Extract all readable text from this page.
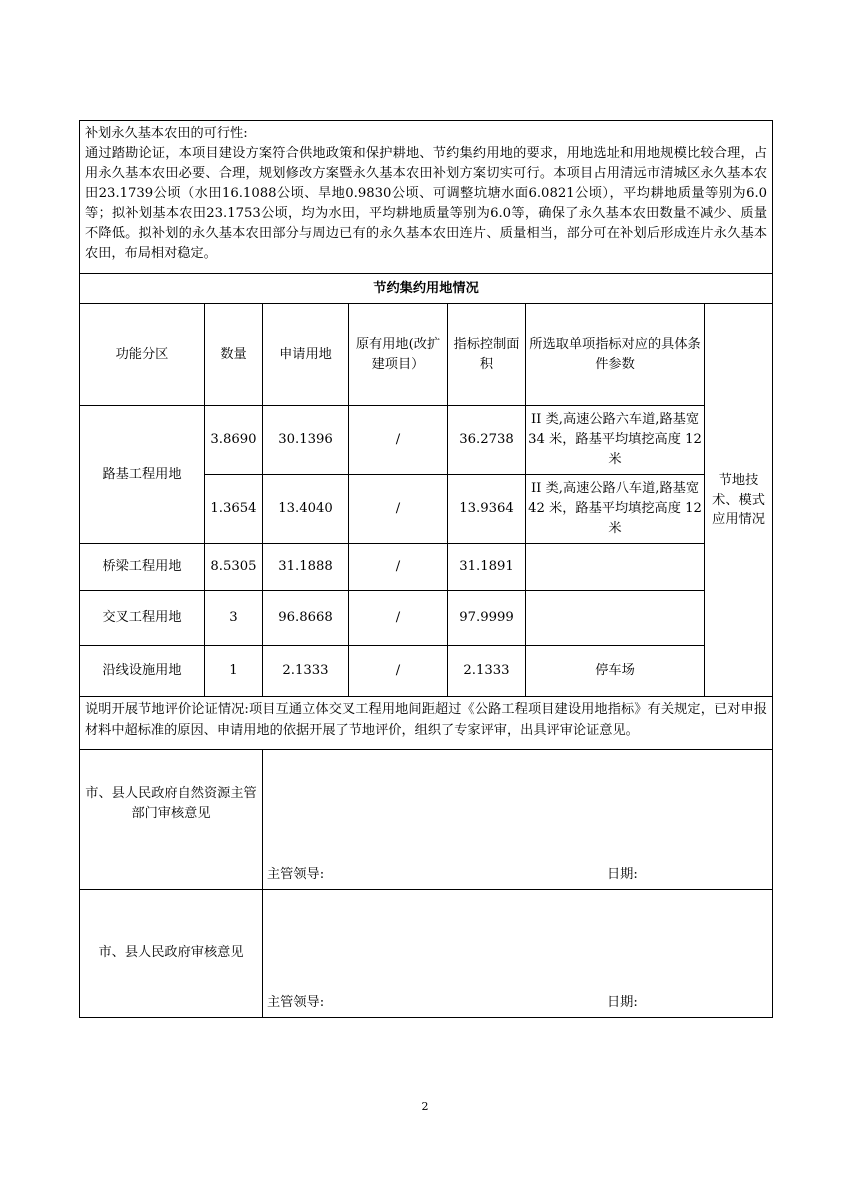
补划永久基本农田的可行性:
通过踏勘论证，本项目建设方案符合供地政策和保护耕地、节约集约用地的要求，用地选址和用地规模比较合理，占用永久基本农田必要、合理，规划修改方案暨永久基本农田补划方案切实可行。本项目占用清远市清城区永久基本农田23.1739公顷（水田16.1088公顷、旱地0.9830公顷、可调整坑塘水面6.0821公顷），平均耕地质量等别为6.0等；拟补划基本农田23.1753公顷，均为水田，平均耕地质量等别为6.0等，确保了永久基本农田数量不减少、质量不降低。拟补划的永久基本农田部分与周边已有的永久基本农田连片、质量相当，部分可在补划后形成连片永久基本农田，布局相对稳定。						

节约集约用地情况						
功能分区	数量	申请用地	原有用地(改扩建项目）	指标控制面积	所选取单项指标对应的具体条件参数	节地技术、模式应用情况
路基工程用地	3.8690	30.1396	/	36.2738	II 类,高速公路六车道,路基宽 34 米，路基平均填挖高度 12 米	
	1.3654	13.4040	/	13.9364	II 类,高速公路八车道,路基宽 42 米，路基平均填挖高度 12 米	
桥梁工程用地	8.5305	31.1888	/	31.1891		
交叉工程用地	3	96.8668	/	97.9999		
沿线设施用地	1	2.1333	/	2.1333	停车场	
说明开展节地评价论证情况:项目互通立体交叉工程用地间距超过《公路工程项目建设用地指标》有关规定，已对申报材料中超标准的原因、申请用地的依据开展了节地评价，组织了专家评审，出具评审论证意见。						
市、县人民政府自然资源主管部门审核意见		主管领导: 日期:				

市、县人民政府审核意见		主管领导: 日期:				
2
